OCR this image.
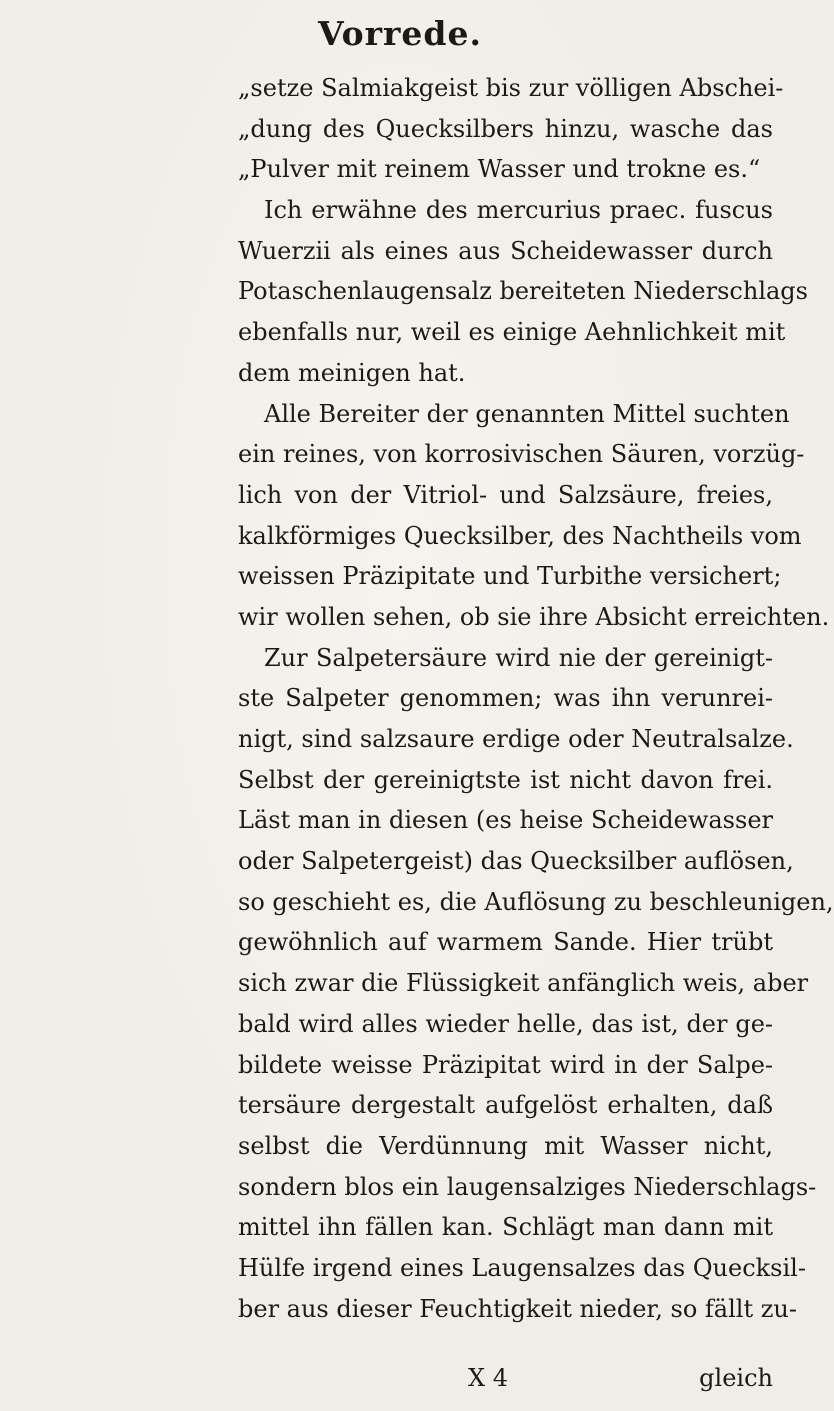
Vorrede.
„setze Salmiakgeist bis zur völligen Abschei-
„dung des Quecksilbers hinzu, wasche das
„Pulver mit reinem Wasser und trokne es.“
Ich erwähne des mercurius praec. fuscus
Wuerzii als eines aus Scheidewasser durch
Potaschenlaugensalz bereiteten Niederschlags
ebenfalls nur, weil es einige Aehnlichkeit mit
dem meinigen hat.
Alle Bereiter der genannten Mittel suchten
ein reines, von korrosivischen Säuren, vorzüg-
lich von der Vitriol- und Salzsäure, freies,
kalkförmiges Quecksilber, des Nachtheils vom
weissen Präzipitate und Turbithe versichert;
wir wollen sehen, ob sie ihre Absicht erreichten.
Zur Salpetersäure wird nie der gereinigt-
ste Salpeter genommen; was ihn verunrei-
nigt, sind salzsaure erdige oder Neutralsalze.
Selbst der gereinigtste ist nicht davon frei.
Läst man in diesen (es heise Scheidewasser
oder Salpetergeist) das Quecksilber auflösen,
so geschieht es, die Auflösung zu beschleunigen,
gewöhnlich auf warmem Sande. Hier trübt
sich zwar die Flüssigkeit anfänglich weis, aber
bald wird alles wieder helle, das ist, der ge-
bildete weisse Präzipitat wird in der Salpe-
tersäure dergestalt aufgelöst erhalten, daß
selbst die Verdünnung mit Wasser nicht,
sondern blos ein laugensalziges Niederschlags-
mittel ihn fällen kan. Schlägt man dann mit
Hülfe irgend eines Laugensalzes das Quecksil-
ber aus dieser Feuchtigkeit nieder, so fällt zu-
X 4	gleich
